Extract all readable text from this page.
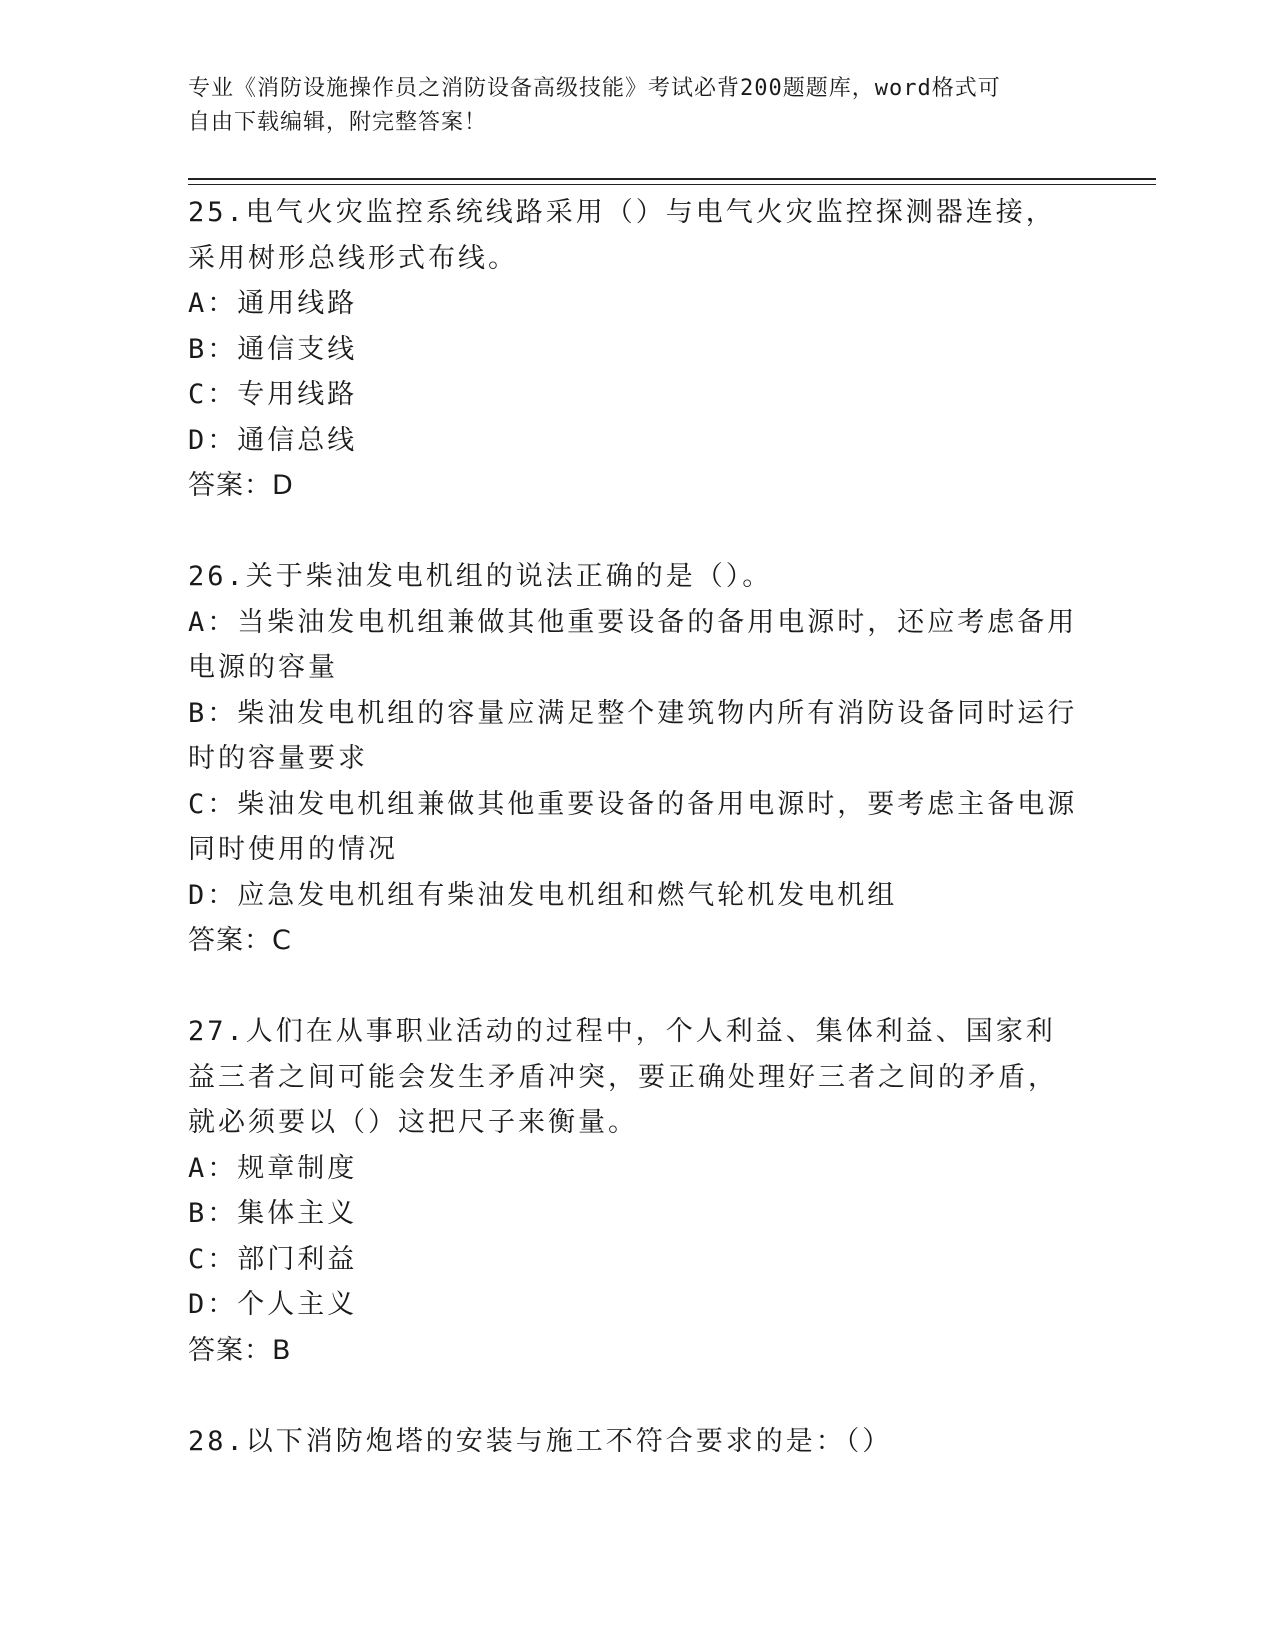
专业《消防设施操作员之消防设备高级技能》考试必背200题题库，word格式可
自由下载编辑，附完整答案！

25.电气火灾监控系统线路采用（）与电气火灾监控探测器连接，采用树形总线形式布线。

A：通用线路

B：通信支线

C：专用线路

D：通信总线

答案：D

26.关于柴油发电机组的说法正确的是（）。

A：当柴油发电机组兼做其他重要设备的备用电源时，还应考虑备用电源的容量

B：柴油发电机组的容量应满足整个建筑物内所有消防设备同时运行时的容量要求

C：柴油发电机组兼做其他重要设备的备用电源时，要考虑主备电源同时使用的情况

D：应急发电机组有柴油发电机组和燃气轮机发电机组

答案：C

27.人们在从事职业活动的过程中，个人利益、集体利益、国家利益三者之间可能会发生矛盾冲突，要正确处理好三者之间的矛盾，就必须要以（）这把尺子来衡量。

A：规章制度

B：集体主义

C：部门利益

D：个人主义

答案：B

28.以下消防炮塔的安装与施工不符合要求的是：（）
